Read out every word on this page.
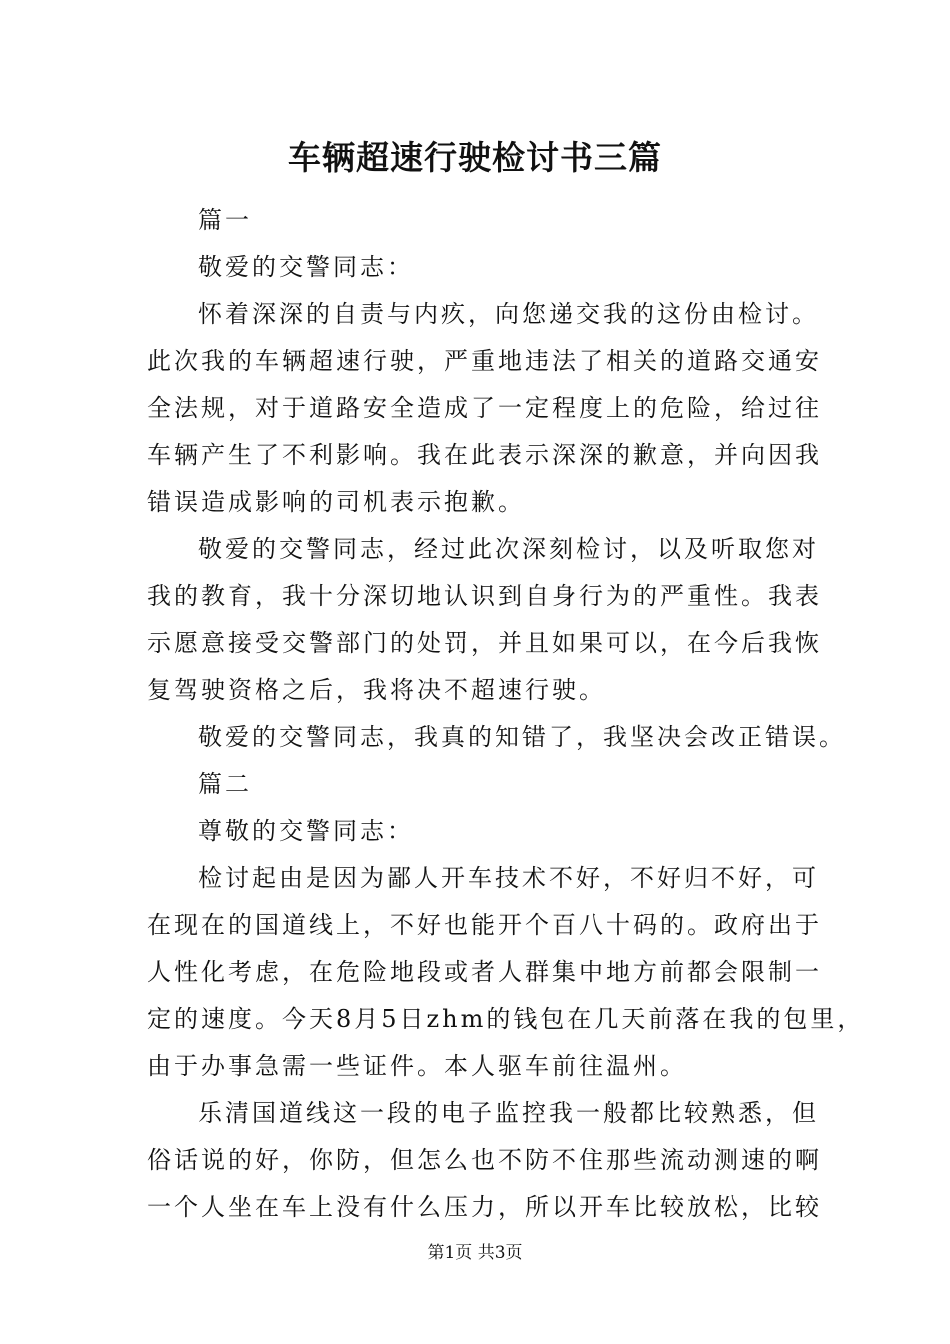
车辆超速行驶检讨书三篇
篇一
敬爱的交警同志：
怀着深深的自责与内疚，向您递交我的这份由检讨。
此次我的车辆超速行驶，严重地违法了相关的道路交通安
全法规，对于道路安全造成了一定程度上的危险，给过往
车辆产生了不利影响。我在此表示深深的歉意，并向因我
错误造成影响的司机表示抱歉。
敬爱的交警同志，经过此次深刻检讨，以及听取您对
我的教育，我十分深切地认识到自身行为的严重性。我表
示愿意接受交警部门的处罚，并且如果可以，在今后我恢
复驾驶资格之后，我将决不超速行驶。
敬爱的交警同志，我真的知错了，我坚决会改正错误。
篇二
尊敬的交警同志：
检讨起由是因为鄙人开车技术不好，不好归不好，可
在现在的国道线上，不好也能开个百八十码的。政府出于
人性化考虑，在危险地段或者人群集中地方前都会限制一
定的速度。今天8月5日zhm的钱包在几天前落在我的包里，
由于办事急需一些证件。本人驱车前往温州。
乐清国道线这一段的电子监控我一般都比较熟悉，但
俗话说的好，你防，但怎么也不防不住那些流动测速的啊
一个人坐在车上没有什么压力，所以开车比较放松，比较
第1页 共3页
